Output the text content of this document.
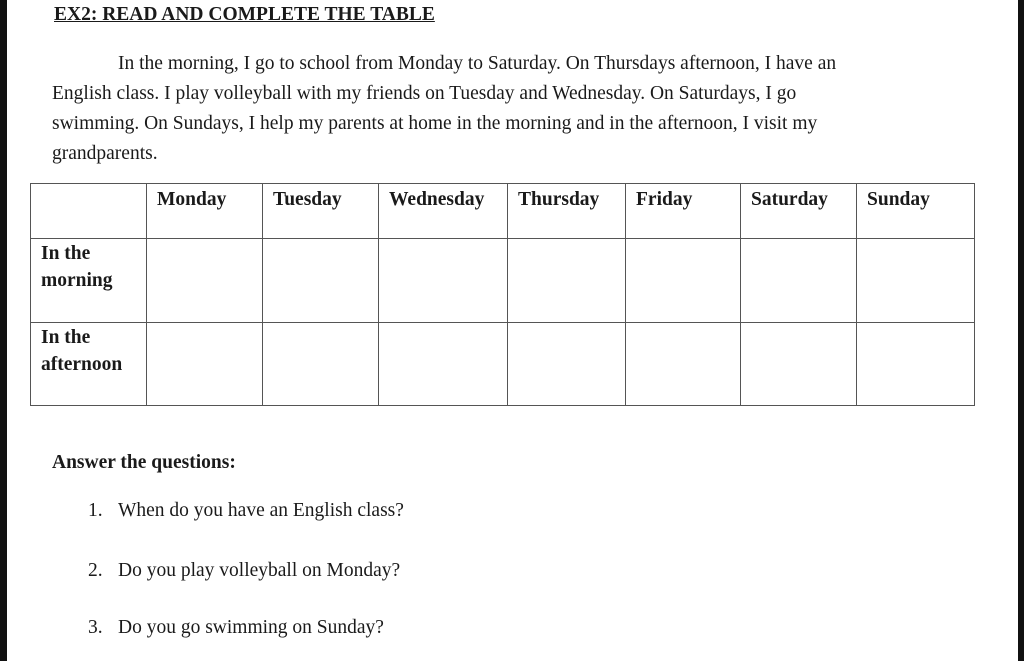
EX2: READ AND COMPLETE THE TABLE
In the morning, I go to school from Monday to Saturday. On Thursdays afternoon, I have an
English class. I play volleyball with my friends on Tuesday and Wednesday. On Saturdays, I go
swimming. On Sundays, I help my parents at home in the morning and in the afternoon, I visit my
grandparents.
	Monday	Tuesday	Wednesday	Thursday	Friday	Saturday	Sunday
In the morning							
In the afternoon							
Answer the questions:
1. When do you have an English class?
2. Do you play volleyball on Monday?
3. Do you go swimming on Sunday?
